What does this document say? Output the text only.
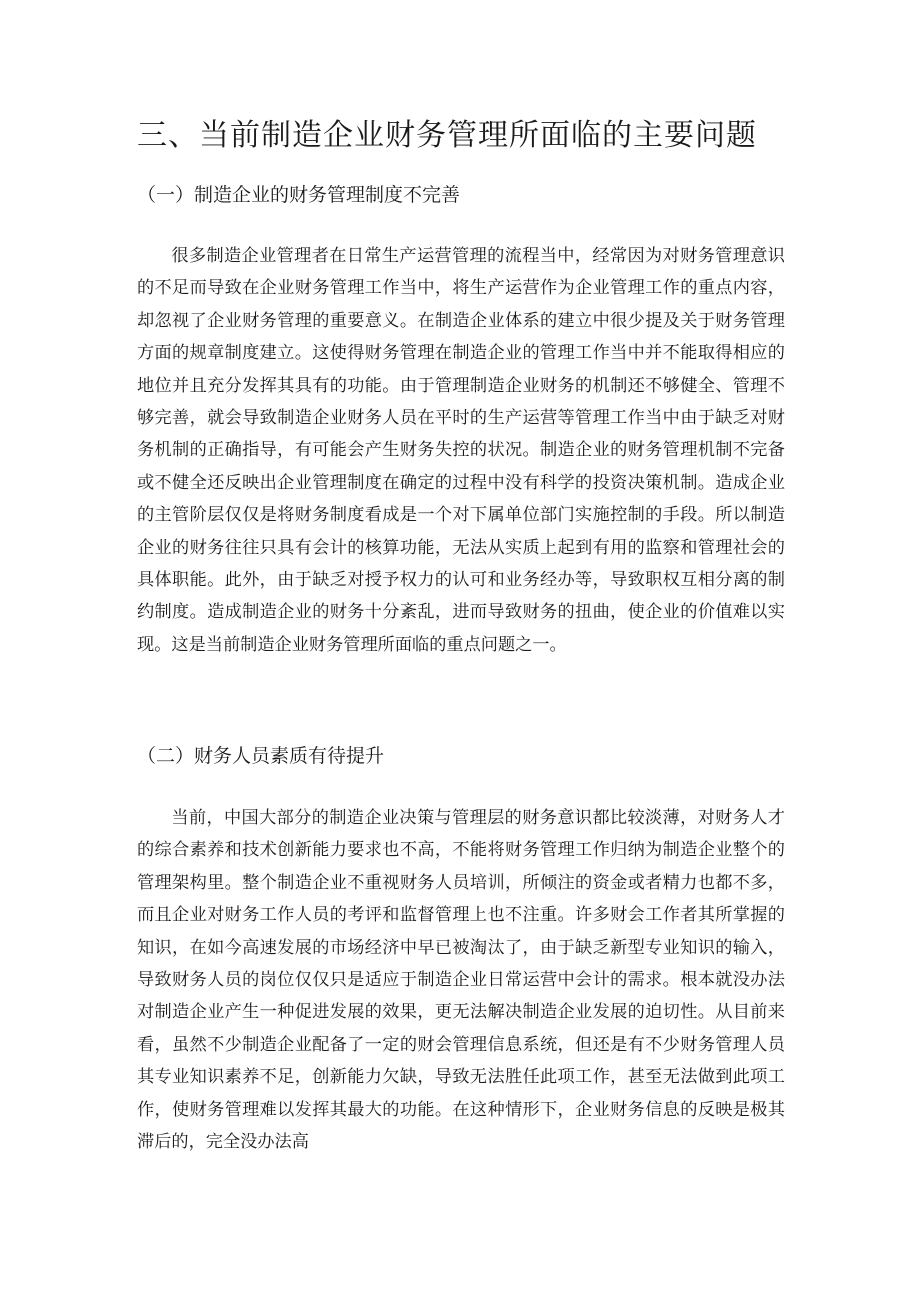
三、当前制造企业财务管理所面临的主要问题
（一）制造企业的财务管理制度不完善

很多制造企业管理者在日常生产运营管理的流程当中，经常因为对财务管理意识的不足而导致在企业财务管理工作当中，将生产运营作为企业管理工作的重点内容，却忽视了企业财务管理的重要意义。在制造企业体系的建立中很少提及关于财务管理方面的规章制度建立。这使得财务管理在制造企业的管理工作当中并不能取得相应的地位并且充分发挥其具有的功能。由于管理制造企业财务的机制还不够健全、管理不够完善，就会导致制造企业财务人员在平时的生产运营等管理工作当中由于缺乏对财务机制的正确指导，有可能会产生财务失控的状况。制造企业的财务管理机制不完备或不健全还反映出企业管理制度在确定的过程中没有科学的投资决策机制。造成企业的主管阶层仅仅是将财务制度看成是一个对下属单位部门实施控制的手段。所以制造企业的财务往往只具有会计的核算功能，无法从实质上起到有用的监察和管理社会的具体职能。此外，由于缺乏对授予权力的认可和业务经办等，导致职权互相分离的制约制度。造成制造企业的财务十分紊乱，进而导致财务的扭曲，使企业的价值难以实现。这是当前制造企业财务管理所面临的重点问题之一。

（二）财务人员素质有待提升

当前，中国大部分的制造企业决策与管理层的财务意识都比较淡薄，对财务人才的综合素养和技术创新能力要求也不高，不能将财务管理工作归纳为制造企业整个的管理架构里。整个制造企业不重视财务人员培训，所倾注的资金或者精力也都不多，而且企业对财务工作人员的考评和监督管理上也不注重。许多财会工作者其所掌握的知识，在如今高速发展的市场经济中早已被淘汰了，由于缺乏新型专业知识的输入，导致财务人员的岗位仅仅只是适应于制造企业日常运营中会计的需求。根本就没办法对制造企业产生一种促进发展的效果，更无法解决制造企业发展的迫切性。从目前来看，虽然不少制造企业配备了一定的财会管理信息系统，但还是有不少财务管理人员其专业知识素养不足，创新能力欠缺，导致无法胜任此项工作，甚至无法做到此项工作，使财务管理难以发挥其最大的功能。在这种情形下，企业财务信息的反映是极其滞后的，完全没办法高
